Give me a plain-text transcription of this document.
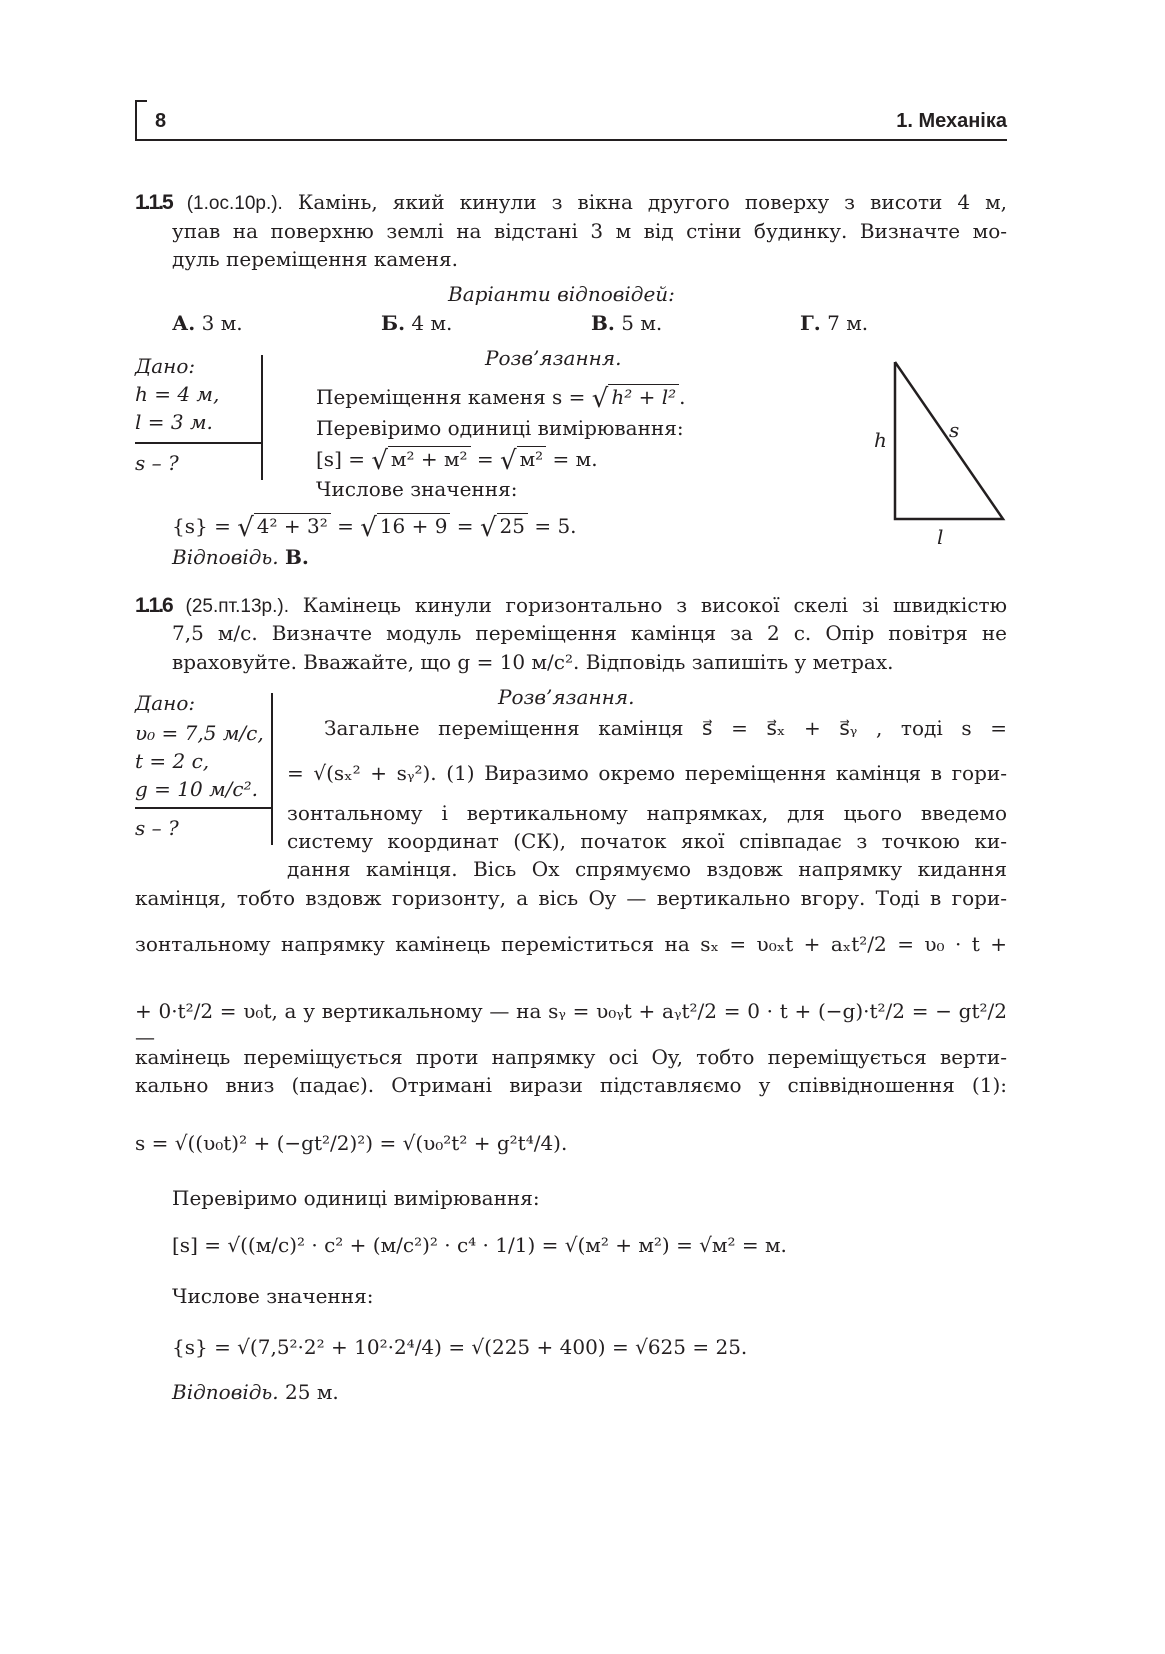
8	1. Механіка
1.1.5 (1.ос.10р.). Камінь, який кинули з вікна другого поверху з висоти 4 м,
упав на поверхню землі на відстані 3 м від стіни будинку. Визначте мо-
дуль переміщення каменя.
Варіанти відповідей:
А. 3 м.	Б. 4 м.	В. 5 м.	Г. 7 м.
Дано:
h = 4 м,
l = 3 м.
s – ?
Розв’язання.
Переміщення каменя s = √ h² + l² .
Перевіримо одиниці вимірювання:
[s] = √ м² + м² = √ м² = м.
Числове значення:
{s} = √ 4² + 3² = √ 16 + 9 = √ 25 = 5.
Відповідь. В.
h	s
l
1.1.6 (25.пт.13р.). Камінець кинули горизонтально з високої скелі зі швидкістю
7,5 м/с. Визначте модуль переміщення камінця за 2 с. Опір повітря не
враховуйте. Вважайте, що g = 10 м/с². Відповідь запишіть у метрах.
Дано:
υ₀ = 7,5 м/с,
t = 2 с,
g = 10 м/с².
s – ?
Розв’язання.
Загальне переміщення камінця s⃗ = s⃗ₓ + s⃗ᵧ , тоді s =
= √(sₓ² + sᵧ²). (1) Виразимо окремо переміщення камінця в гори-
зонтальному і вертикальному напрямках, для цього введемо
систему координат (СК), початок якої співпадає з точкою ки-
дання камінця. Вісь Ox спрямуємо вздовж напрямку кидання
камінця, тобто вздовж горизонту, а вісь Oy — вертикально вгору. Тоді в гори-
зонтальному напрямку камінець переміститься на sₓ = υ₀ₓt + aₓt²/2 = υ₀ · t +
+ 0·t²/2 = υ₀t, а у вертикальному — на sᵧ = υ₀ᵧt + aᵧt²/2 = 0 · t + (−g)·t²/2 = − gt²/2 —
камінець переміщується проти напрямку осі Oy, тобто переміщується верти-
кально вниз (падає). Отримані вирази підставляємо у співвідношення (1):
s = √((υ₀t)² + (−gt²/2)²) = √(υ₀²t² + g²t⁴/4).
Перевіримо одиниці вимірювання:
[s] = √((м/с)² · с² + (м/с²)² · с⁴ · 1/1) = √(м² + м²) = √м² = м.
Числове значення:
{s} = √(7,5²·2² + 10²·2⁴/4) = √(225 + 400) = √625 = 25.
Відповідь. 25 м.
